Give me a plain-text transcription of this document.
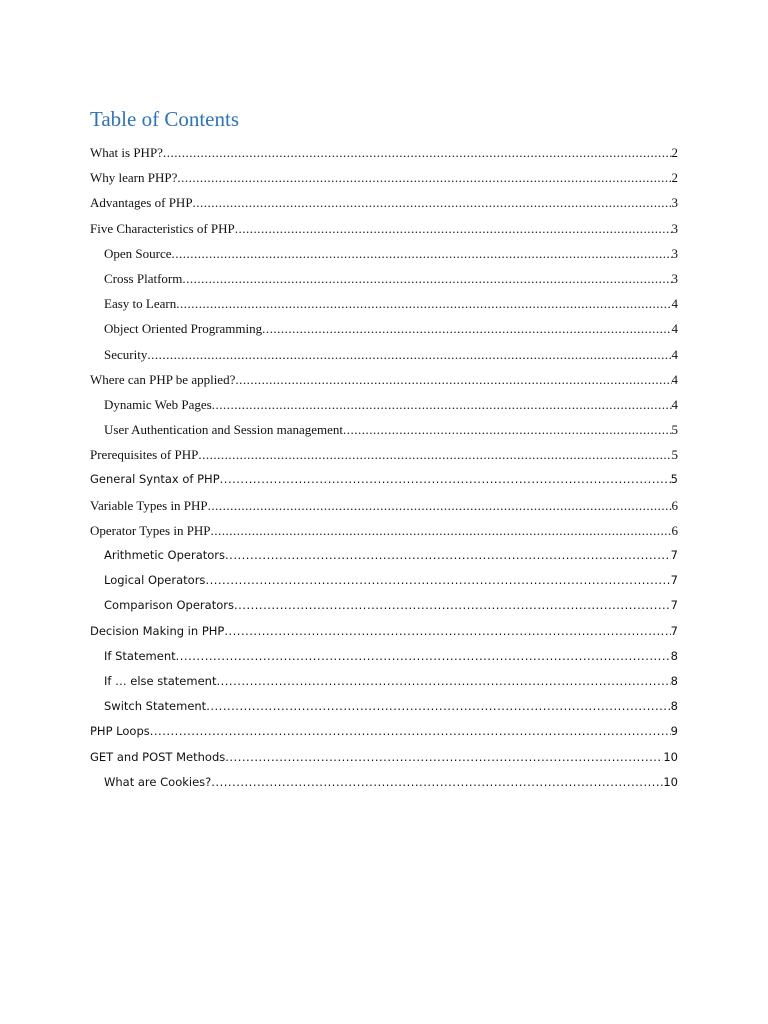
Table of Contents
What is PHP? .....	2
Why learn PHP? .....	2
Advantages of PHP .....	3
Five Characteristics of PHP .....	3
Open Source .....	3
Cross Platform .....	3
Easy to Learn .....	4
Object Oriented Programming .....	4
Security .....	4
Where can PHP be applied? .....	4
Dynamic Web Pages .....	4
User Authentication and Session management .....	5
Prerequisites of PHP .....	5
General Syntax of PHP .....	5
Variable Types in PHP .....	6
Operator Types in PHP .....	6
Arithmetic Operators .....	7
Logical Operators .....	7
Comparison Operators .....	7
Decision Making in PHP .....	7
If Statement .....	8
If … else statement .....	8
Switch Statement .....	8
PHP Loops .....	9
GET and POST Methods .....	10
What are Cookies? .....	10
